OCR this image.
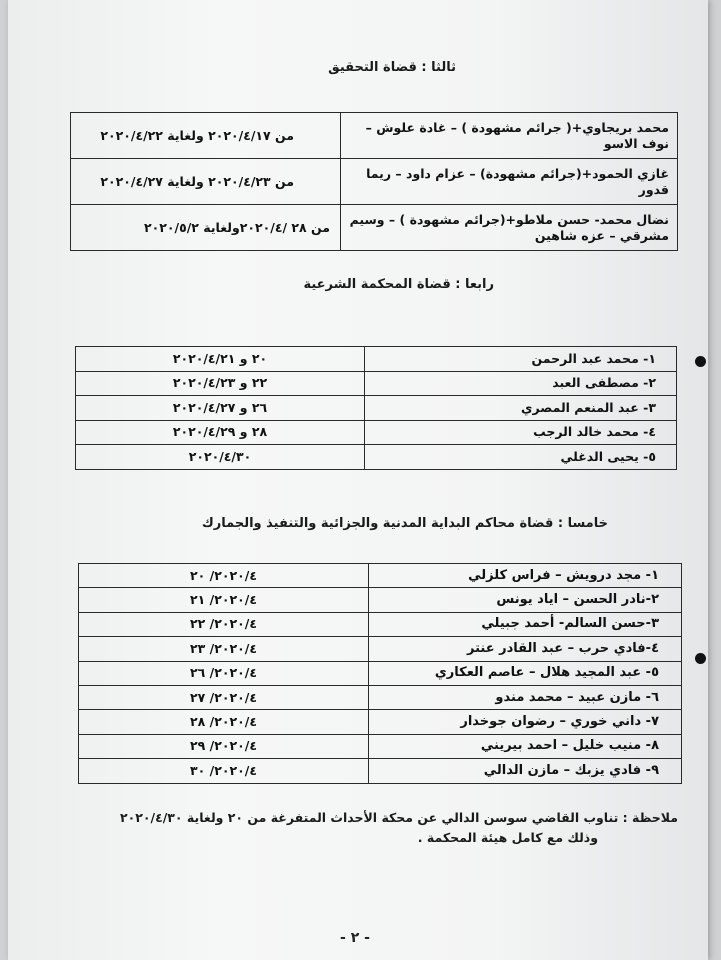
ثالثا : قضاة التحقيق
محمد بريجاوي+( جرائم مشهودة ) – غادة علوش – نوف الاسو	من ٢٠٢٠/٤/١٧ ولغاية ٢٠٢٠/٤/٢٢
غازي الحمود+(جرائم مشهودة) – عزام داود – ريما قدور	من ٢٠٢٠/٤/٢٣ ولغاية ٢٠٢٠/٤/٢٧
نضال محمد- حسن ملاطو+(جرائم مشهودة ) – وسيم مشرقي – عزه شاهين	من ٢٨ /٢٠٢٠/٤ولغاية ٢٠٢٠/٥/٢
رابعا : قضاة المحكمة الشرعية
١- محمد عبد الرحمن	٢٠ و ٢٠٢٠/٤/٢١
٢- مصطفى العبد	٢٢ و ٢٠٢٠/٤/٢٣
٣- عبد المنعم المصري	٢٦ و ٢٠٢٠/٤/٢٧
٤- محمد خالد الرجب	٢٨ و ٢٠٢٠/٤/٢٩
٥- يحيى الدغلي	٢٠٢٠/٤/٣٠
خامسا : قضاة محاكم البداية المدنية والجزائية والتنفيذ والجمارك
١- مجد درويش – فراس كلزلي	٢٠٢٠/٤/ ٢٠
٢-نادر الحسن – اياد يونس	٢٠٢٠/٤/ ٢١
٣-حسن السالم- أحمد جبيلي	٢٠٢٠/٤/ ٢٢
٤-فادي حرب – عبد القادر عنتر	٢٠٢٠/٤/ ٢٣
٥- عبد المجيد هلال – عاصم العكاري	٢٠٢٠/٤/ ٢٦
٦- مازن عبيد – محمد مندو	٢٠٢٠/٤/ ٢٧
٧- داني خوري – رضوان جوخدار	٢٠٢٠/٤/ ٢٨
٨- منيب خليل – احمد بيريني	٢٠٢٠/٤/ ٢٩
٩- فادي يزبك – مازن الدالي	٢٠٢٠/٤/ ٣٠
ملاحظة : تناوب القاضي سوسن الدالي عن محكة الأحداث المتفرغة من ٢٠ ولغاية ٢٠٢٠/٤/٣٠
وذلك مع كامل هيئة المحكمة .
- ٢ -
